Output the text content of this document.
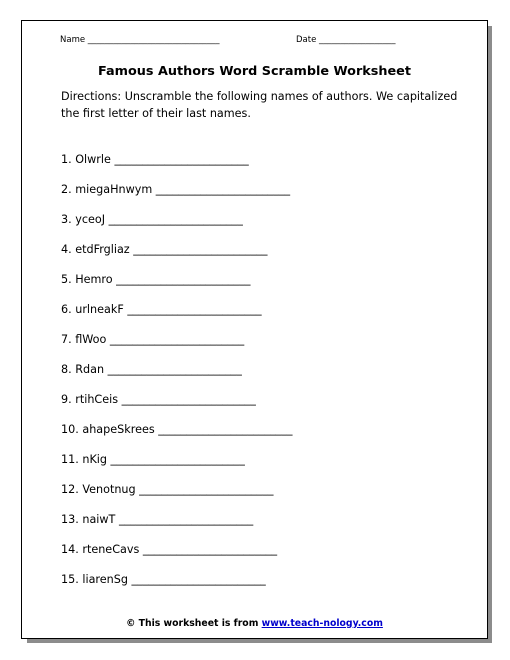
Name _______________________________	Date __________________
Famous Authors Word Scramble Worksheet
Directions: Unscramble the following names of authors. We capitalized the first letter of their last names.
1. Olwrle ________________________
2. miegaHnwym ________________________
3. yceoJ ________________________
4. etdFrgliaz ________________________
5. Hemro ________________________
6. urlneakF ________________________
7. flWoo ________________________
8. Rdan ________________________
9. rtihCeis ________________________
10. ahapeSkrees ________________________
11. nKig ________________________
12. Venotnug ________________________
13. naiwT ________________________
14. rteneCavs ________________________
15. liarenSg ________________________
© This worksheet is from www.teach-nology.com
